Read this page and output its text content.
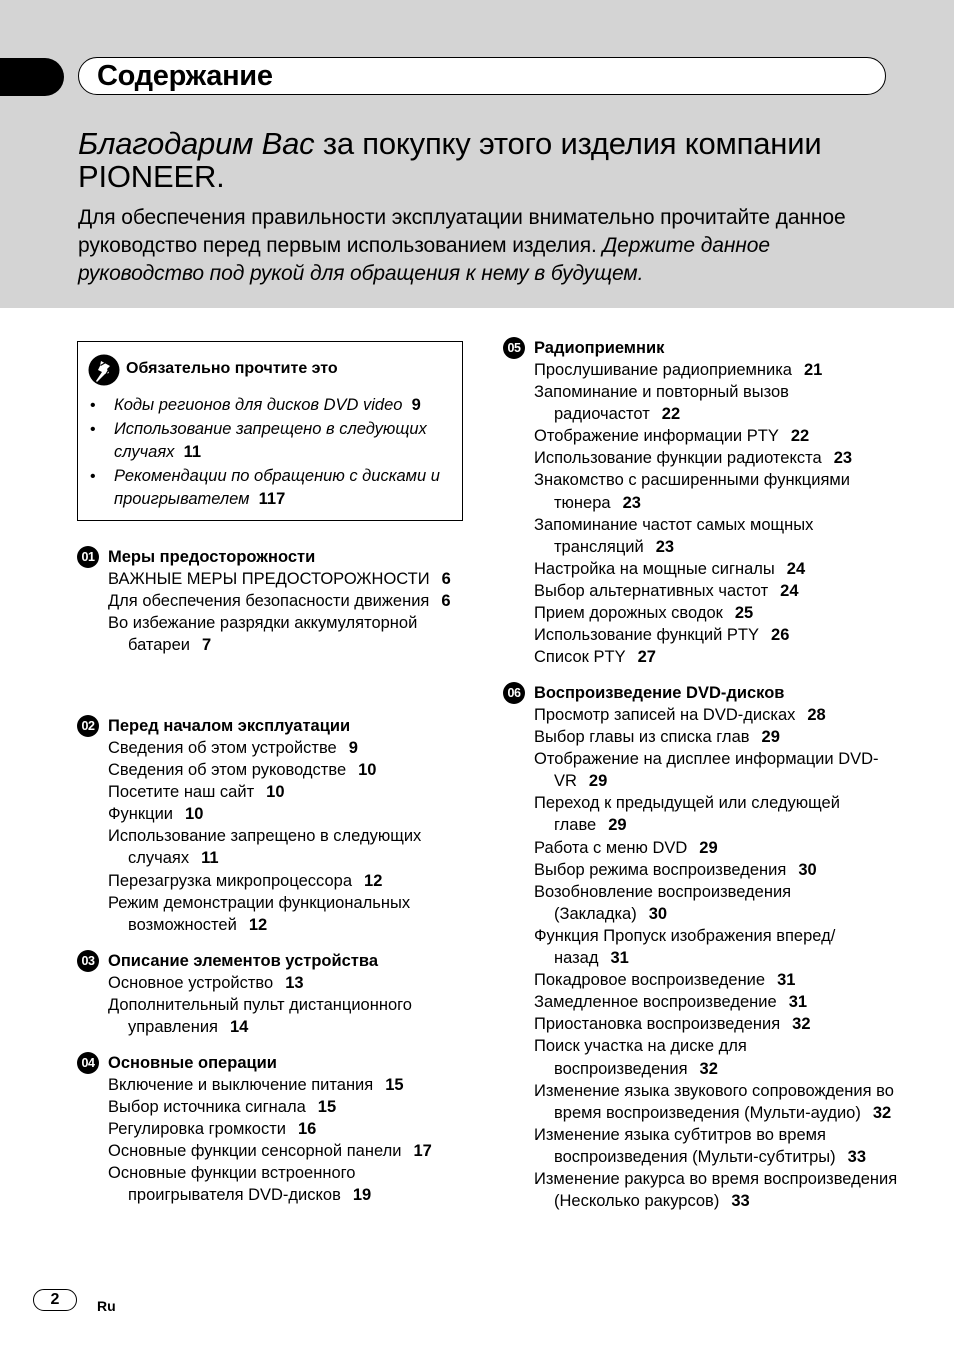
Содержание
Благодарим Вас за покупку этого изделия компании PIONEER.
Для обеспечения правильности эксплуатации внимательно прочитайте данное руководство перед первым использованием изделия. Держите данное руководство под рукой для обращения к нему в будущем.
Обязательно прочтите это
• Коды регионов для дисков DVD video 9
• Использование запрещено в следующих случаях 11
• Рекомендации по обращению с дисками и проигрывателем 117
01 Меры предосторожности
ВАЖНЫЕ МЕРЫ ПРЕДОСТОРОЖНОСТИ 6
Для обеспечения безопасности движения 6
Во избежание разрядки аккумуляторной батареи 7
02 Перед началом эксплуатации
Сведения об этом устройстве 9
Сведения об этом руководстве 10
Посетите наш сайт 10
Функции 10
Использование запрещено в следующих случаях 11
Перезагрузка микропроцессора 12
Режим демонстрации функциональных возможностей 12
03 Описание элементов устройства
Основное устройство 13
Дополнительный пульт дистанционного управления 14
04 Основные операции
Включение и выключение питания 15
Выбор источника сигнала 15
Регулировка громкости 16
Основные функции сенсорной панели 17
Основные функции встроенного проигрывателя DVD-дисков 19
05 Радиоприемник
Прослушивание радиоприемника 21
Запоминание и повторный вызов радиочастот 22
Отображение информации PTY 22
Использование функции радиотекста 23
Знакомство с расширенными функциями тюнера 23
Запоминание частот самых мощных трансляций 23
Настройка на мощные сигналы 24
Выбор альтернативных частот 24
Прием дорожных сводок 25
Использование функций PTY 26
Список PTY 27
06 Воспроизведение DVD-дисков
Просмотр записей на DVD-дисках 28
Выбор главы из списка глав 29
Отображение на дисплее информации DVD-VR 29
Переход к предыдущей или следующей главе 29
Работа с меню DVD 29
Выбор режима воспроизведения 30
Возобновление воспроизведения (Закладка) 30
Функция Пропуск изображения вперед/назад 31
Покадровое воспроизведение 31
Замедленное воспроизведение 31
Приостановка воспроизведения 32
Поиск участка на диске для воспроизведения 32
Изменение языка звукового сопровождения во время воспроизведения (Мульти-аудио) 32
Изменение языка субтитров во время воспроизведения (Мульти-субтитры) 33
Изменение ракурса во время воспроизведения (Несколько ракурсов) 33
2	Ru
